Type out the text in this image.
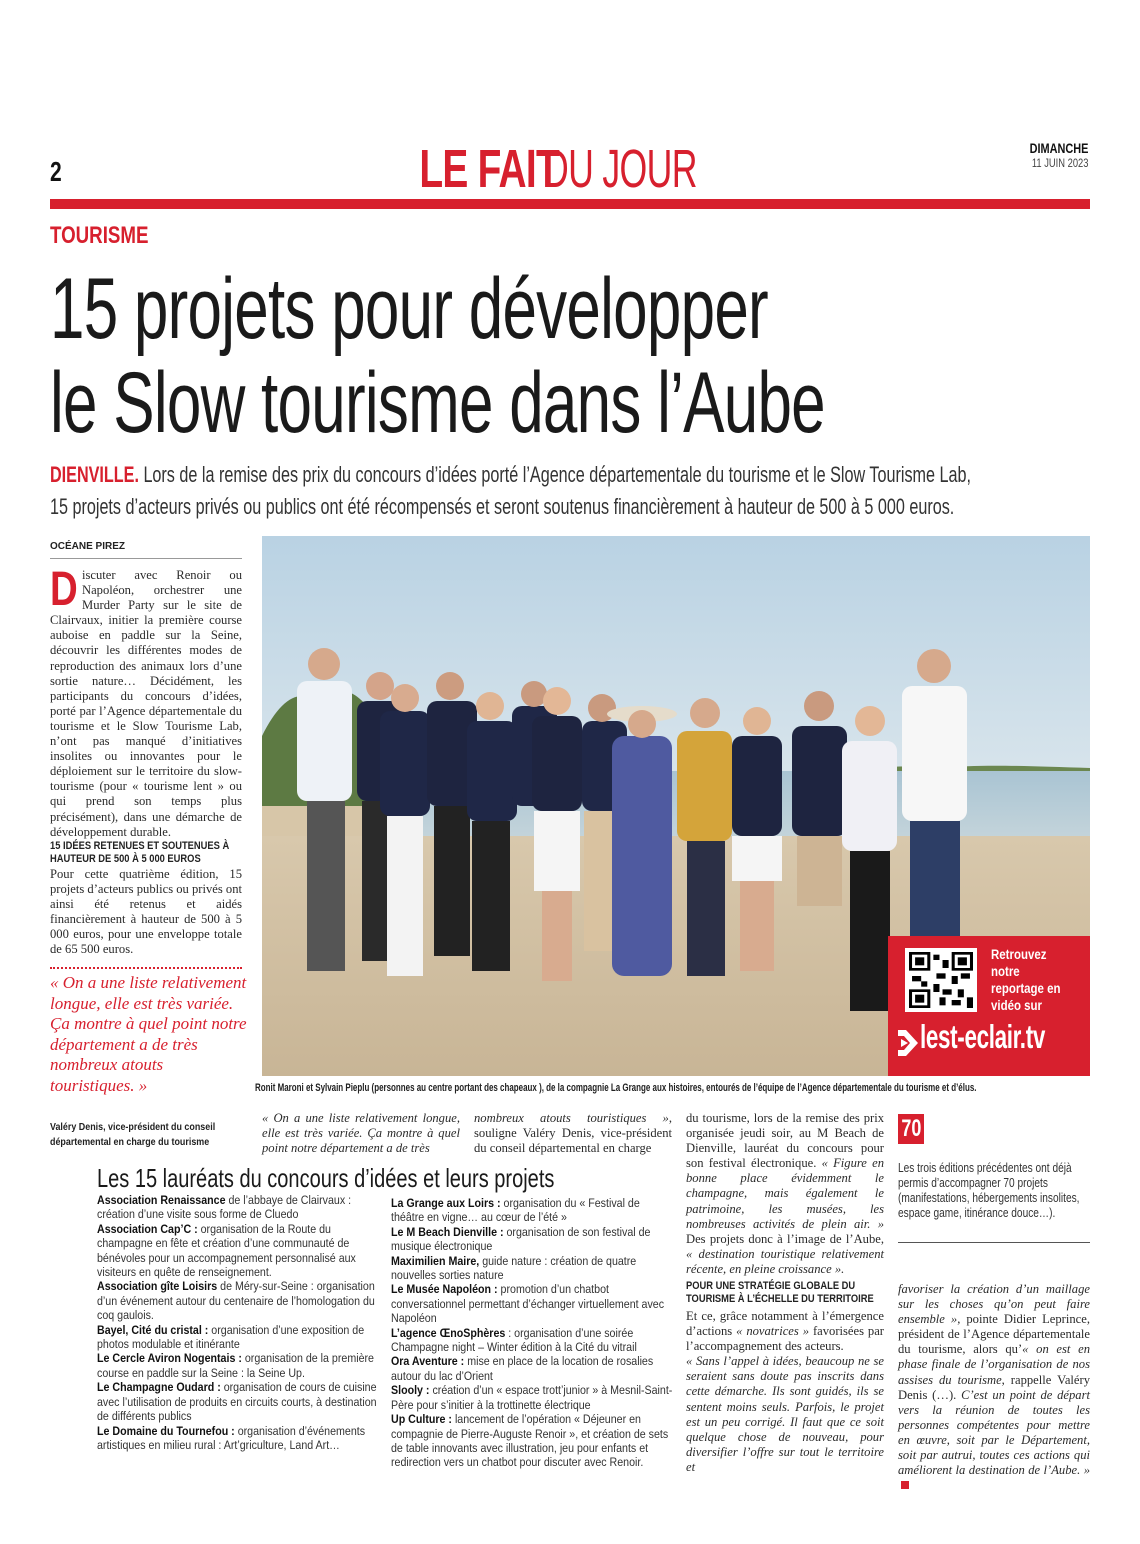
2	LE FAITDU JOUR	DIMANCHE
11 JUIN 2023
TOURISME
15 projets pour développer
le Slow tourisme dans l’Aube
DIENVILLE. Lors de la remise des prix du concours d’idées porté l’Agence départementale du tourisme et le Slow Tourisme Lab,
15 projets d’acteurs privés ou publics ont été récompensés et seront soutenus financièrement à hauteur de 500 à 5 000 euros.
OCÉANE PIREZ
Discuter avec Renoir ou Napoléon, orchestrer une Murder Party sur le site de Clairvaux, initier la première course auboise en paddle sur la Seine, découvrir les différentes modes de reproduction des animaux lors d’une sortie nature… Décidément, les participants du concours d’idées, porté par l’Agence départementale du tourisme et le Slow Tourisme Lab, n’ont pas manqué d’initiatives insolites ou innovantes pour le déploiement sur le territoire du slow-tourisme (pour « tourisme lent » ou qui prend son temps plus précisément), dans une démarche de développement durable.
15 IDÉES RETENUES ET SOUTENUES À HAUTEUR DE 500 À 5 000 EUROS
Pour cette quatrième édition, 15 projets d’acteurs publics ou privés ont ainsi été retenus et aidés financièrement à hauteur de 500 à 5 000 euros, pour une enveloppe totale de 65 500 euros.
« On a une liste relativement longue, elle est très variée. Ça montre à quel point notre département a de très nombreux atouts touristiques. »
Valéry Denis, vice-président du conseil départemental en charge du tourisme
Retrouvez notre reportage en vidéo sur
lest-eclair.tv
Ronit Maroni et Sylvain Pieplu (personnes au centre portant des chapeaux ), de la compagnie La Grange aux histoires, entourés de l’équipe de l’Agence départementale du tourisme et d’élus.
« On a une liste relativement longue, elle est très variée. Ça montre à quel point notre département a de très
nombreux atouts touristiques », souligne Valéry Denis, vice-président du conseil départemental en charge
du tourisme, lors de la remise des prix organisée jeudi soir, au M Beach de Dienville, lauréat du concours pour son festival électronique. « Figure en bonne place évidemment le champagne, mais également le patrimoine, les musées, les nombreuses activités de plein air. » Des projets donc à l’image de l’Aube, « destination touristique relativement récente, en pleine croissance ».
70
Les trois éditions précédentes ont déjà permis d’accompagner 70 projets (manifestations, hébergements insolites, espace game, itinérance douce…).
Les 15 lauréats du concours d’idées et leurs projets
Association Renaissance de l’abbaye de Clairvaux : création d’une visite sous forme de Cluedo
Association Cap’C : organisation de la Route du champagne en fête et création d’une communauté de bénévoles pour un accompagnement personnalisé aux visiteurs en quête de renseignement.
Association gîte Loisirs de Méry-sur-Seine : organisation d’un événement autour du centenaire de l’homologation du coq gaulois.
Bayel, Cité du cristal : organisation d’une exposition de photos modulable et itinérante
Le Cercle Aviron Nogentais : organisation de la première course en paddle sur la Seine : la Seine Up.
Le Champagne Oudard : organisation de cours de cuisine avec l’utilisation de produits en circuits courts, à destination de différents publics
Le Domaine du Tournefou : organisation d’événements artistiques en milieu rural : Art’griculture, Land Art…
La Grange aux Loirs : organisation du « Festival de théâtre en vigne… au cœur de l’été »
Le M Beach Dienville : organisation de son festival de musique électronique
Maximilien Maire, guide nature : création de quatre nouvelles sorties nature
Le Musée Napoléon : promotion d’un chatbot conversationnel permettant d’échanger virtuellement avec Napoléon
L’agence ŒnoSphères : organisation d’une soirée Champagne night – Winter édition à la Cité du vitrail
Ora Aventure : mise en place de la location de rosalies autour du lac d’Orient
Slooly : création d’un « espace trott’junior » à Mesnil-Saint-Père pour s’initier à la trottinette électrique
Up Culture : lancement de l’opération « Déjeuner en compagnie de Pierre-Auguste Renoir », et création de sets de table innovants avec illustration, jeu pour enfants et redirection vers un chatbot pour discuter avec Renoir.
POUR UNE STRATÉGIE GLOBALE DU TOURISME À L’ÉCHELLE DU TERRITOIRE
Et ce, grâce notamment à l’émergence d’actions « novatrices » favorisées par l’accompagnement des acteurs.
« Sans l’appel à idées, beaucoup ne se seraient sans doute pas inscrits dans cette démarche. Ils sont guidés, ils se sentent moins seuls. Parfois, le projet est un peu corrigé. Il faut que ce soit quelque chose de nouveau, pour diversifier l’offre sur tout le territoire et
favoriser la création d’un maillage sur les choses qu’on peut faire ensemble », pointe Didier Leprince, président de l’Agence départementale du tourisme, alors qu’« on est en phase finale de l’organisation de nos assises du tourisme, rappelle Valéry Denis (…). C’est un point de départ vers la réunion de toutes les personnes compétentes pour mettre en œuvre, soit par le Département, soit par autrui, toutes ces actions qui améliorent la destination de l’Aube. »
